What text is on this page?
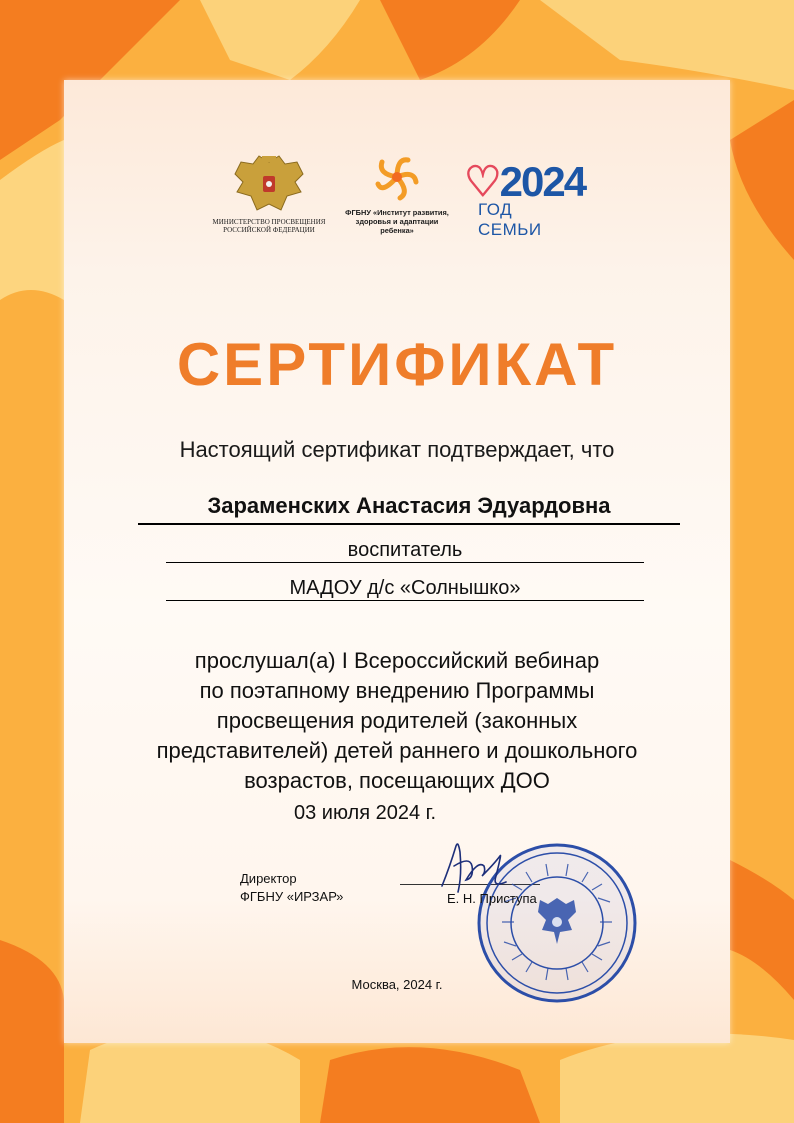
МИНИСТЕРСТВО ПРОСВЕЩЕНИЯ
РОССИЙСКОЙ ФЕДЕРАЦИИ
ФГБНУ «Институт развития,
здоровья и адаптации
ребенка»
♡2024
ГОД СЕМЬИ
СЕРТИФИКАТ
Настоящий сертификат подтверждает, что
Зараменских Анастасия Эдуардовна
воспитатель
МАДОУ д/с «Солнышко»
прослушал(а) I Всероссийский вебинар
по поэтапному внедрению Программы
просвещения родителей (законных
представителей) детей раннего и дошкольного
возрастов, посещающих ДОО
03 июля 2024 г.
Директор
ФГБНУ «ИРЗАР»	Е. Н. Приступа
Москва, 2024 г.
